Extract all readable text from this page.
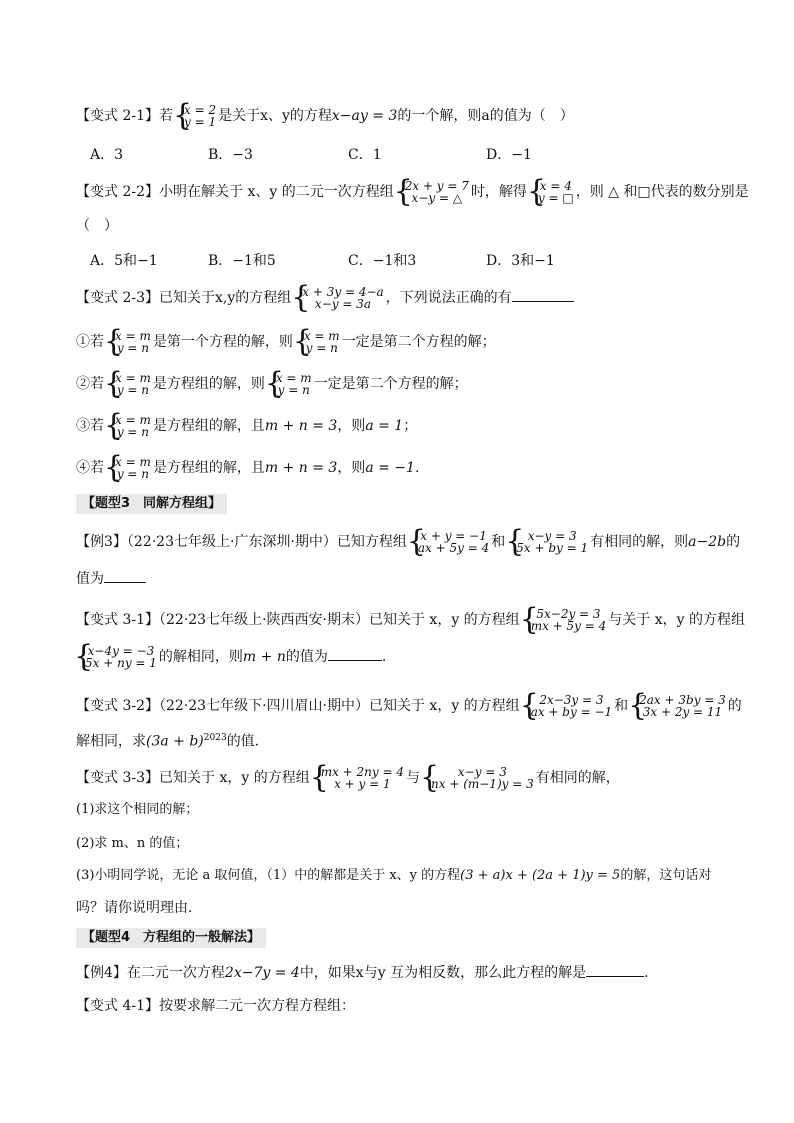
【变式 2-1】若 { x = 2
y = 1 是关于x、y的方程x−ay = 3的一个解，则a的值为（　）
A．3	B．−3	C．1	D．−1
【变式 2-2】小明在解关于 x、y 的二元一次方程组 { 2x + y = 7
x−y = △ 时，解得 { x = 4
y = □ ，则 △ 和□代表的数分别是
（　）
A．5和−1	B．−1和5	C．−1和3	D．3和−1
【变式 2-3】已知关于x,y的方程组 { x + 3y = 4−a
x−y = 3a	，下列说法正确的有
①若 { x = m
y = n 是第一个方程的解，则 { x = m
y = n 一定是第二个方程的解；
②若 { x = m
y = n 是方程组的解，则 { x = m
y = n 一定是第二个方程的解；
③若 { x = m
y = n 是方程组的解，且m + n = 3，则a = 1；
④若 { x = m
y = n 是方程组的解，且m + n = 3，则a = −1.
【题型3　同解方程组】
【例3】（22·23七年级上·广东深圳·期中）已知方程组 { x + y = −1
ax + 5y = 4 和	{ x−y = 3
5x + by = 1 有相同的解，则a−2b的
值为
【变式 3-1】（22·23七年级上·陕西西安·期末）已知关于 x，y 的方程组	{ 5x−2y = 3
mx + 5y = 4 与关于 x，y 的方程组
{ x−4y = −3
5x + ny = 1 的解相同，则m + n的值为	.
【变式 3-2】（22·23七年级下·四川眉山·期中）已知关于 x，y 的方程组	{ 2x−3y = 3
ax + by = −1 和 { 2ax + 3by = 3
3x + 2y = 11 的
解相同，求$(3a + b)^{2023}$的值.
【变式 3-3】已知关于 x，y 的方程组 { mx + 2ny = 4
x + y = 1	与	{ x−y = 3
nx + (m−1)y = 3 有相同的解，
(1)求这个相同的解；
(2)求 m、n 的值；
(3)小明同学说，无论 a 取何值，（1）中的解都是关于 x、y 的方程(3 + a)x + (2a + 1)y = 5的解，这句话对
吗？请你说明理由.
【题型4　方程组的一般解法】
【例4】在二元一次方程2x−7y = 4中，如果x与y 互为相反数，那么此方程的解是	.
【变式 4-1】按要求解二元一次方程方程组：
